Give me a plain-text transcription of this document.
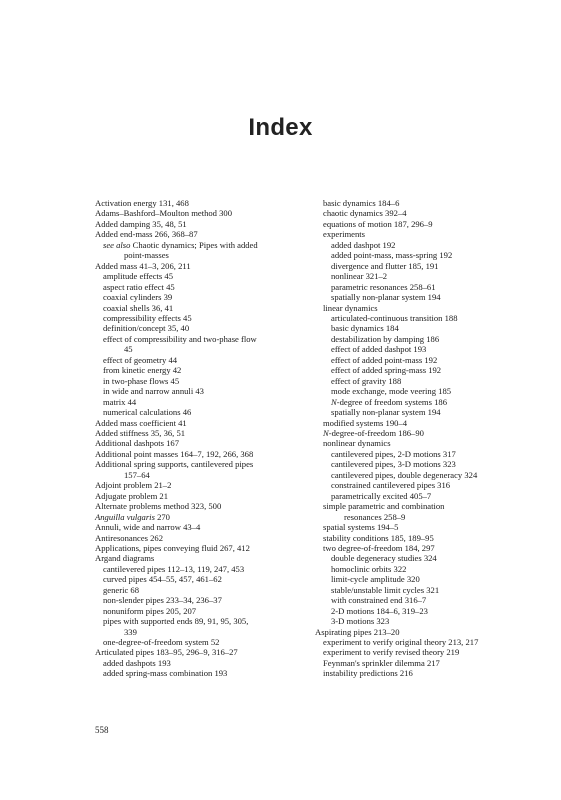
Index
Activation energy 131, 468
Adams–Bashford–Moulton method 300
Added damping 35, 48, 51
Added end-mass 266, 368–87
see also Chaotic dynamics; Pipes with added
point-masses
Added mass 41–3, 206, 211
amplitude effects 45
aspect ratio effect 45
coaxial cylinders 39
coaxial shells 36, 41
compressibility effects 45
definition/concept 35, 40
effect of compressibility and two-phase flow
45
effect of geometry 44
from kinetic energy 42
in two-phase flows 45
in wide and narrow annuli 43
matrix 44
numerical calculations 46
Added mass coefficient 41
Added stiffness 35, 36, 51
Additional dashpots 167
Additional point masses 164–7, 192, 266, 368
Additional spring supports, cantilevered pipes
157–64
Adjoint problem 21–2
Adjugate problem 21
Alternate problems method 323, 500
Anguilla vulgaris 270
Annuli, wide and narrow 43–4
Antiresonances 262
Applications, pipes conveying fluid 267, 412
Argand diagrams
cantilevered pipes 112–13, 119, 247, 453
curved pipes 454–55, 457, 461–62
generic 68
non-slender pipes 233–34, 236–37
nonuniform pipes 205, 207
pipes with supported ends 89, 91, 95, 305,
339
one-degree-of-freedom system 52
Articulated pipes 183–95, 296–9, 316–27
added dashpots 193
added spring-mass combination 193
basic dynamics 184–6
chaotic dynamics 392–4
equations of motion 187, 296–9
experiments
added dashpot 192
added point-mass, mass-spring 192
divergence and flutter 185, 191
nonlinear 321–2
parametric resonances 258–61
spatially non-planar system 194
linear dynamics
articulated-continuous transition 188
basic dynamics 184
destabilization by damping 186
effect of added dashpot 193
effect of added point-mass 192
effect of added spring-mass 192
effect of gravity 188
mode exchange, mode veering 185
N-degree of freedom systems 186
spatially non-planar system 194
modified systems 190–4
N-degree-of-freedom 186–90
nonlinear dynamics
cantilevered pipes, 2-D motions 317
cantilevered pipes, 3-D motions 323
cantilevered pipes, double degeneracy 324
constrained cantilevered pipes 316
parametrically excited 405–7
simple parametric and combination
resonances 258–9
spatial systems 194–5
stability conditions 185, 189–95
two degree-of-freedom 184, 297
double degeneracy studies 324
homoclinic orbits 322
limit-cycle amplitude 320
stable/unstable limit cycles 321
with constrained end 316–7
2-D motions 184–6, 319–23
3-D motions 323
Aspirating pipes 213–20
experiment to verify original theory 213, 217
experiment to verify revised theory 219
Feynman's sprinkler dilemma 217
instability predictions 216
558
